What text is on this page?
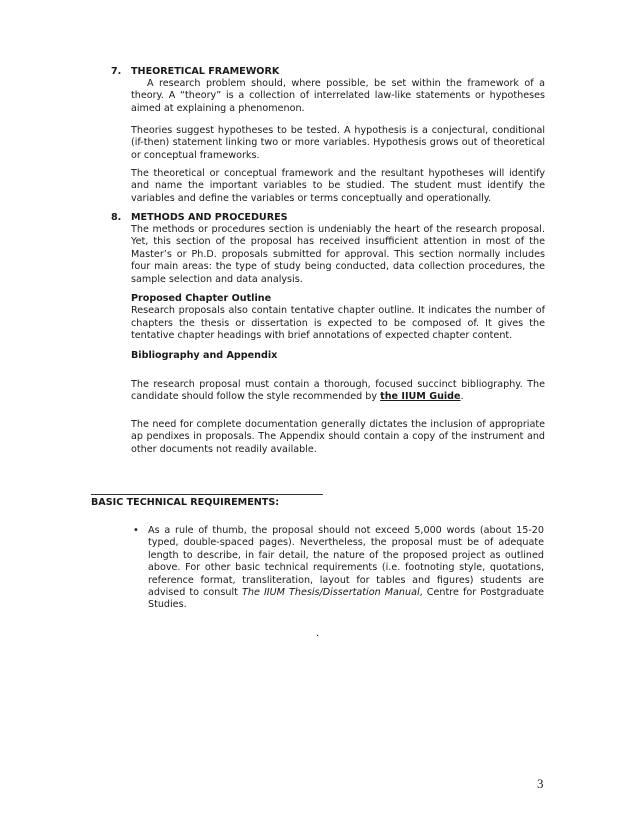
7. THEORETICAL FRAMEWORK

A research problem should, where possible, be set within the framework of a theory. A “theory” is a collection of interrelated law-like statements or hypotheses aimed at explaining a phenomenon.

Theories suggest hypotheses to be tested. A hypothesis is a conjectural, conditional (if-then) statement linking two or more variables. Hypothesis grows out of theoretical or conceptual frameworks.

The theoretical or conceptual framework and the resultant hypotheses will identify and name the important variables to be studied. The student must identify the variables and define the variables or terms conceptually and operationally.

8. METHODS AND PROCEDURES

The methods or procedures section is undeniably the heart of the research proposal. Yet, this section of the proposal has received insufficient attention in most of the Master’s or Ph.D. proposals submitted for approval. This section normally includes four main areas: the type of study being conducted, data collection procedures, the sample selection and data analysis.

Proposed Chapter Outline

Research proposals also contain tentative chapter outline. It indicates the number of chapters the thesis or dissertation is expected to be composed of. It gives the tentative chapter headings with brief annotations of expected chapter content.

Bibliography and Appendix

The research proposal must contain a thorough, focused succinct bibliography. The candidate should follow the style recommended by the IIUM Guide.

The need for complete documentation generally dictates the inclusion of appropriate ap pendixes in proposals. The Appendix should contain a copy of the instrument and other documents not readily available.

BASIC TECHNICAL REQUIREMENTS:

• As a rule of thumb, the proposal should not exceed 5,000 words (about 15-20 typed, double-spaced pages). Nevertheless, the proposal must be of adequate length to describe, in fair detail, the nature of the proposed project as outlined above. For other basic technical requirements (i.e. footnoting style, quotations, reference format, transliteration, layout for tables and figures) students are advised to consult The IIUM Thesis/Dissertation Manual, Centre for Postgraduate Studies.

.
3
